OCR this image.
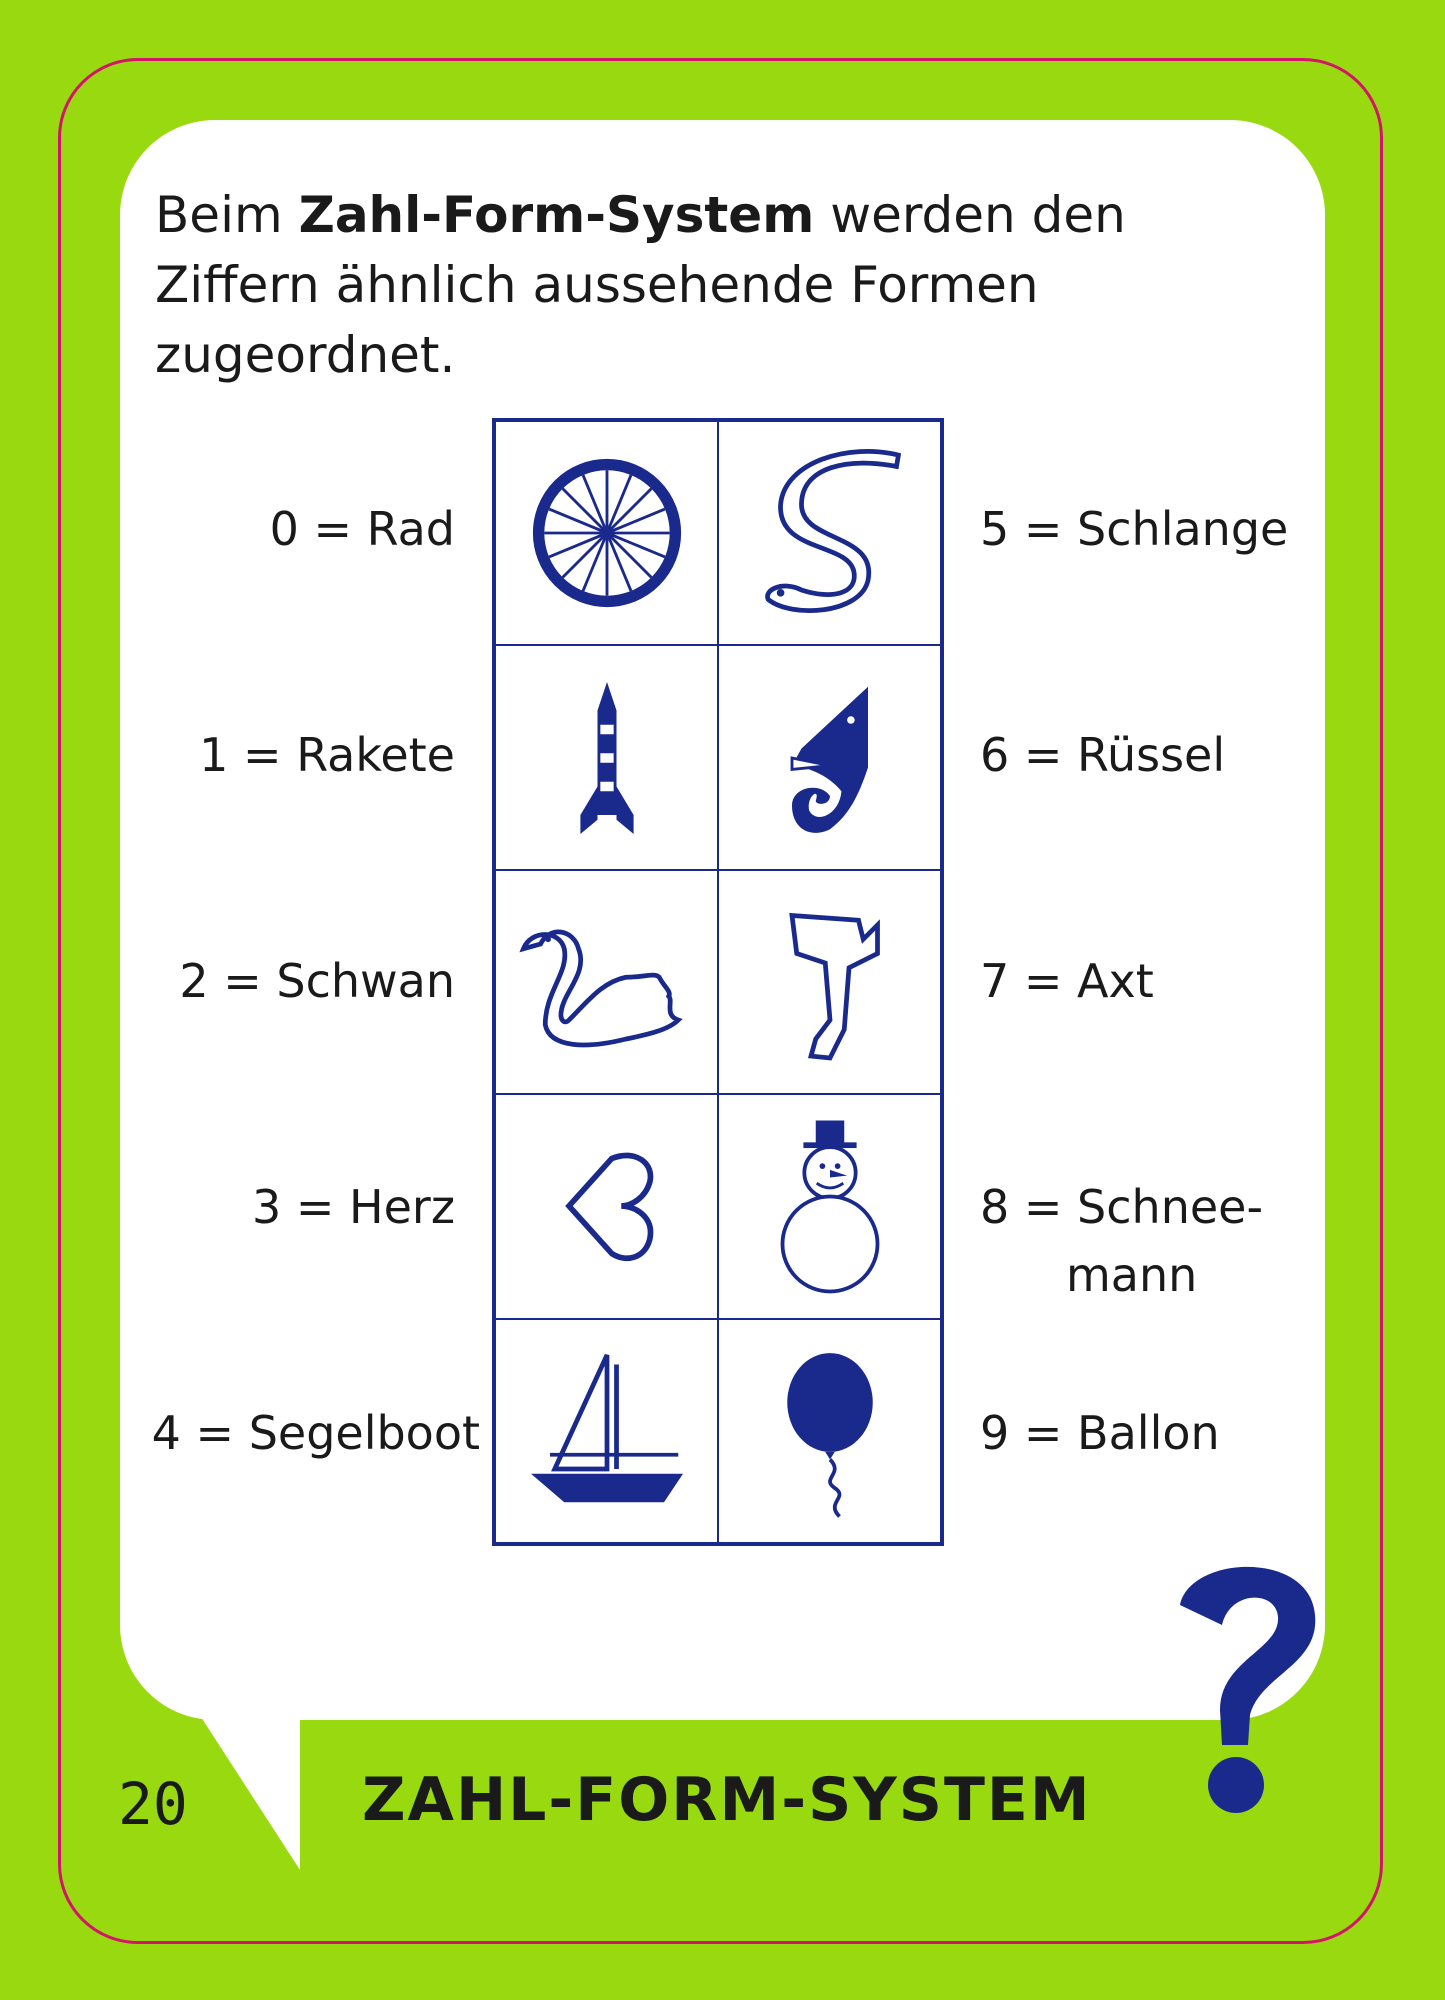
Beim Zahl-Form-System werden den Ziffern ähnlich aussehende Formen zugeordnet.

0 = Rad
1 = Rakete
2 = Schwan
3 = Herz
4 = Segelboot
5 = Schlange
6 = Rüssel
7 = Axt
8 = Schnee-
mann
9 = Ballon
20	ZAHL-FORM-SYSTEM
